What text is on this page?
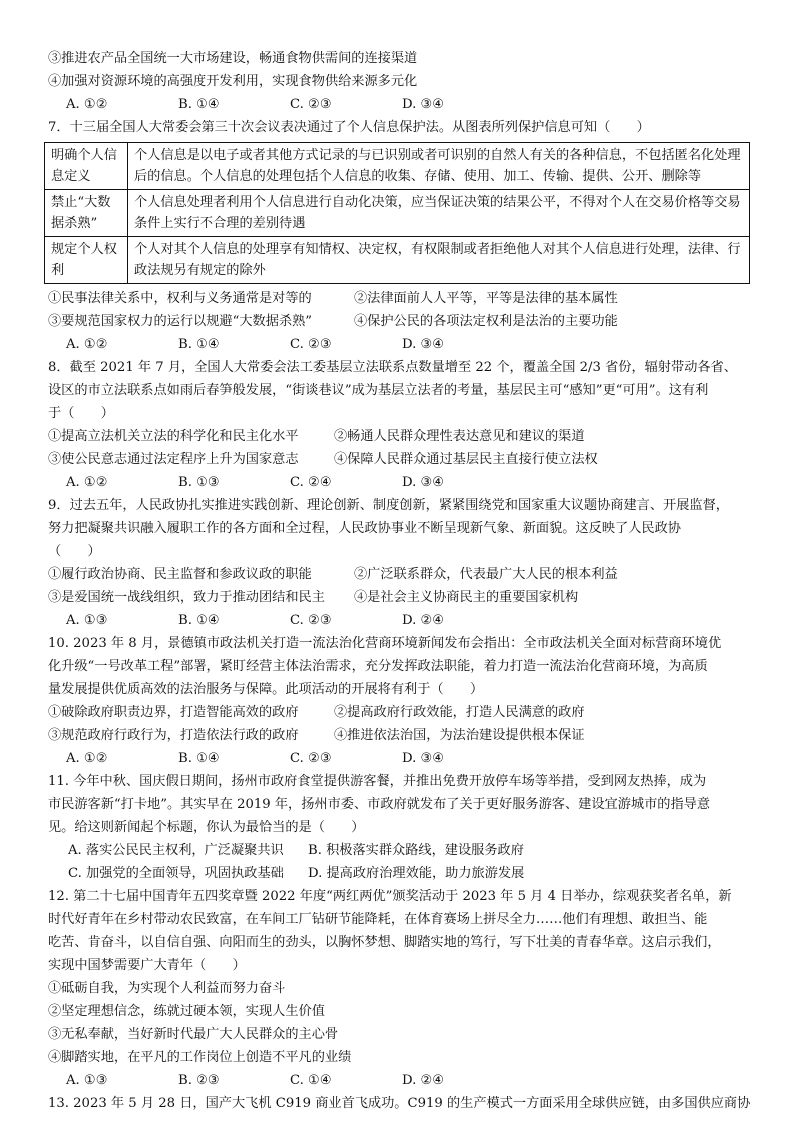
③推进农产品全国统一大市场建设，畅通食物供需间的连接渠道
④加强对资源环境的高强度开发利用，实现食物供给来源多元化
A. ①②	B. ①④	C. ②③	D. ③④
7．十三届全国人大常委会第三十次会议表决通过了个人信息保护法。从图表所列保护信息可知（　　）
明确个人信息定义	个人信息是以电子或者其他方式记录的与已识别或者可识别的自然人有关的各种信息，不包括匿名化处理后的信息。个人信息的处理包括个人信息的收集、存储、使用、加工、传输、提供、公开、删除等
禁止“大数据杀熟”	个人信息处理者利用个人信息进行自动化决策，应当保证决策的结果公平，不得对个人在交易价格等交易条件上实行不合理的差别待遇
规定个人权利	个人对其个人信息的处理享有知情权、决定权，有权限制或者拒绝他人对其个人信息进行处理，法律、行政法规另有规定的除外
①民事法律关系中，权利与义务通常是对等的	②法律面前人人平等，平等是法律的基本属性
③要规范国家权力的运行以规避“大数据杀熟”	④保护公民的各项法定权利是法治的主要功能
A. ①②	B. ①④	C. ②③	D. ③④
8．截至 2021 年 7 月，全国人大常委会法工委基层立法联系点数量增至 22 个，覆盖全国 2/3 省份，辐射带动各省、
设区的市立法联系点如雨后春笋般发展，“街谈巷议”成为基层立法者的考量，基层民主可“感知”更“可用”。这有利
于（　　）
①提高立法机关立法的科学化和民主化水平	②畅通人民群众理性表达意见和建议的渠道
③使公民意志通过法定程序上升为国家意志	④保障人民群众通过基层民主直接行使立法权
A. ①②	B. ①③	C. ②④	D. ③④
9．过去五年，人民政协扎实推进实践创新、理论创新、制度创新，紧紧围绕党和国家重大议题协商建言、开展监督，
努力把凝聚共识融入履职工作的各方面和全过程，人民政协事业不断呈现新气象、新面貌。这反映了人民政协
（　　）
①履行政治协商、民主监督和参政议政的职能	②广泛联系群众，代表最广大人民的根本利益
③是爱国统一战线组织，致力于推动团结和民主	④是社会主义协商民主的重要国家机构
A. ①③	B. ①④	C. ②③	D. ②④
10. 2023 年 8 月，景德镇市政法机关打造一流法治化营商环境新闻发布会指出：全市政法机关全面对标营商环境优
化升级“一号改革工程”部署，紧盯经营主体法治需求，充分发挥政法职能，着力打造一流法治化营商环境，为高质
量发展提供优质高效的法治服务与保障。此项活动的开展将有利于（　　）
①破除政府职责边界，打造智能高效的政府	②提高政府行政效能，打造人民满意的政府
③规范政府行政行为，打造依法行政的政府	④推进依法治国，为法治建设提供根本保证
A. ①②	B. ①④	C. ②③	D. ③④
11. 今年中秋、国庆假日期间，扬州市政府食堂提供游客餐，并推出免费开放停车场等举措，受到网友热捧，成为
市民游客新“打卡地”。其实早在 2019 年，扬州市委、市政府就发布了关于更好服务游客、建设宜游城市的指导意
见。给这则新闻起个标题，你认为最恰当的是（　　）
A. 落实公民民主权利，广泛凝聚共识	B. 积极落实群众路线，建设服务政府
C. 加强党的全面领导，巩固执政基础	D. 提高政府治理效能，助力旅游发展
12. 第二十七届中国青年五四奖章暨 2022 年度“两红两优”颁奖活动于 2023 年 5 月 4 日举办，综观获奖者名单，新
时代好青年在乡村带动农民致富，在车间工厂钻研节能降耗，在体育赛场上拼尽全力……他们有理想、敢担当、能
吃苦、肯奋斗，以自信自强、向阳而生的劲头，以胸怀梦想、脚踏实地的笃行，写下壮美的青春华章。这启示我们，
实现中国梦需要广大青年（　　）
①砥砺自我，为实现个人利益而努力奋斗
②坚定理想信念，练就过硬本领，实现人生价值
③无私奉献，当好新时代最广大人民群众的主心骨
④脚踏实地，在平凡的工作岗位上创造不平凡的业绩
A. ①③	B. ②③	C. ①④	D. ②④
13. 2023 年 5 月 28 日，国产大飞机 C919 商业首飞成功。C919 的生产模式一方面采用全球供应链，由多国供应商协
